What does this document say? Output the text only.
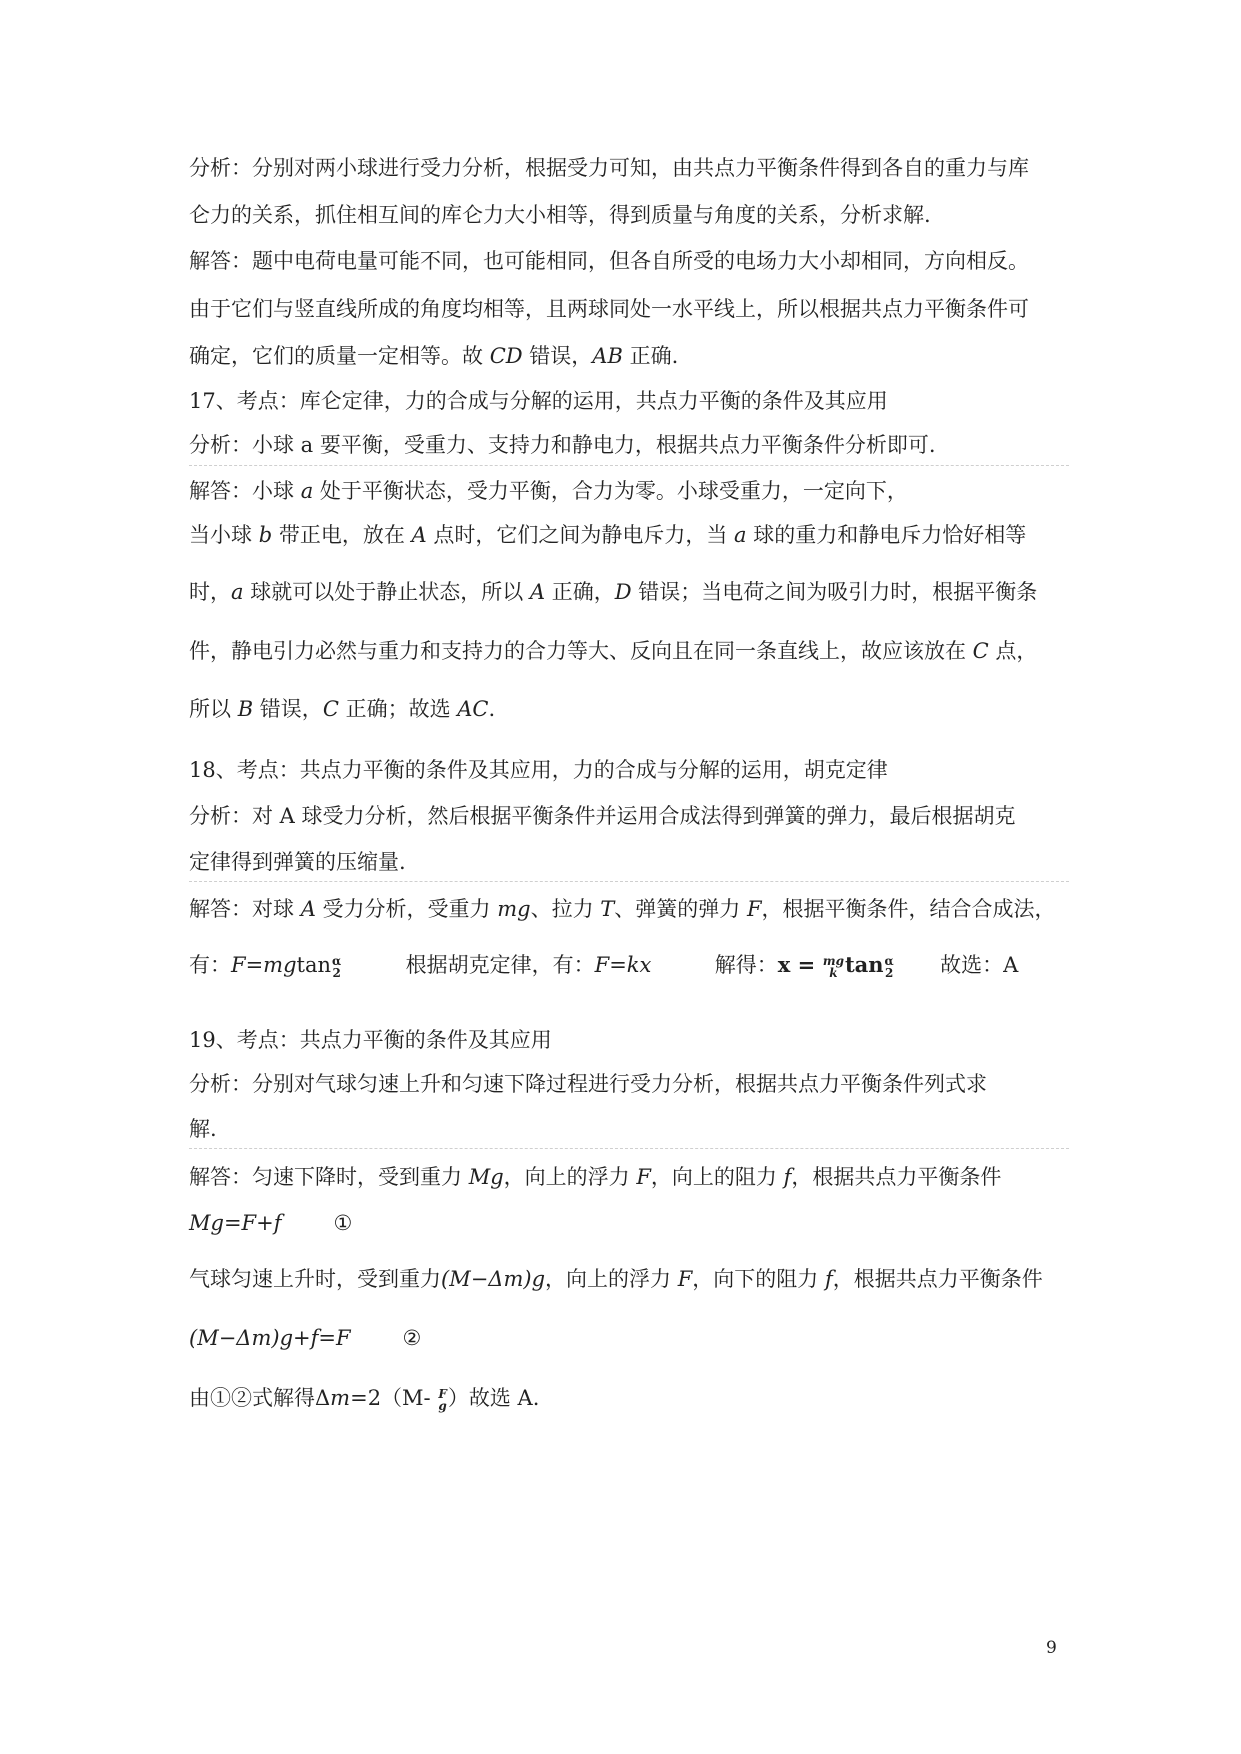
分析：分别对两小球进行受力分析，根据受力可知，由共点力平衡条件得到各自的重力与库
仑力的关系，抓住相互间的库仑力大小相等，得到质量与角度的关系，分析求解.
解答：题中电荷电量可能不同，也可能相同，但各自所受的电场力大小却相同，方向相反。
由于它们与竖直线所成的角度均相等，且两球同处一水平线上，所以根据共点力平衡条件可
确定，它们的质量一定相等。故 CD 错误，AB 正确.
17、考点：库仑定律，力的合成与分解的运用，共点力平衡的条件及其应用
分析：小球 a 要平衡，受重力、支持力和静电力，根据共点力平衡条件分析即可.
解答：小球 a 处于平衡状态，受力平衡，合力为零。小球受重力，一定向下，
当小球 b 带正电，放在 A 点时，它们之间为静电斥力，当 a 球的重力和静电斥力恰好相等
时，a 球就可以处于静止状态，所以 A 正确，D 错误；当电荷之间为吸引力时，根据平衡条
件，静电引力必然与重力和支持力的合力等大、反向且在同一条直线上，故应该放在 C 点，
所以 B 错误，C 正确；故选 AC.
18、考点：共点力平衡的条件及其应用，力的合成与分解的运用，胡克定律
分析：对 A 球受力分析，然后根据平衡条件并运用合成法得到弹簧的弹力，最后根据胡克
定律得到弹簧的压缩量.
解答：对球 A 受力分析，受重力 mg、拉力 T、弹簧的弹力 F，根据平衡条件，结合合成法，
有：F=mgtan α
2	根据胡克定律，有：F=kx	解得：x = mg
k tan α
2 故选：A
19、考点：共点力平衡的条件及其应用
分析：分别对气球匀速上升和匀速下降过程进行受力分析，根据共点力平衡条件列式求
解.
解答：匀速下降时，受到重力 Mg，向上的浮力 F，向上的阻力 f，根据共点力平衡条件
Mg=F+f ①
气球匀速上升时，受到重力(M−Δm)g，向上的浮力 F，向下的阻力 f，根据共点力平衡条件
(M−Δm)g+f=F ②
由①②式解得Δm=2（M- F
g ）故选 A.
9
